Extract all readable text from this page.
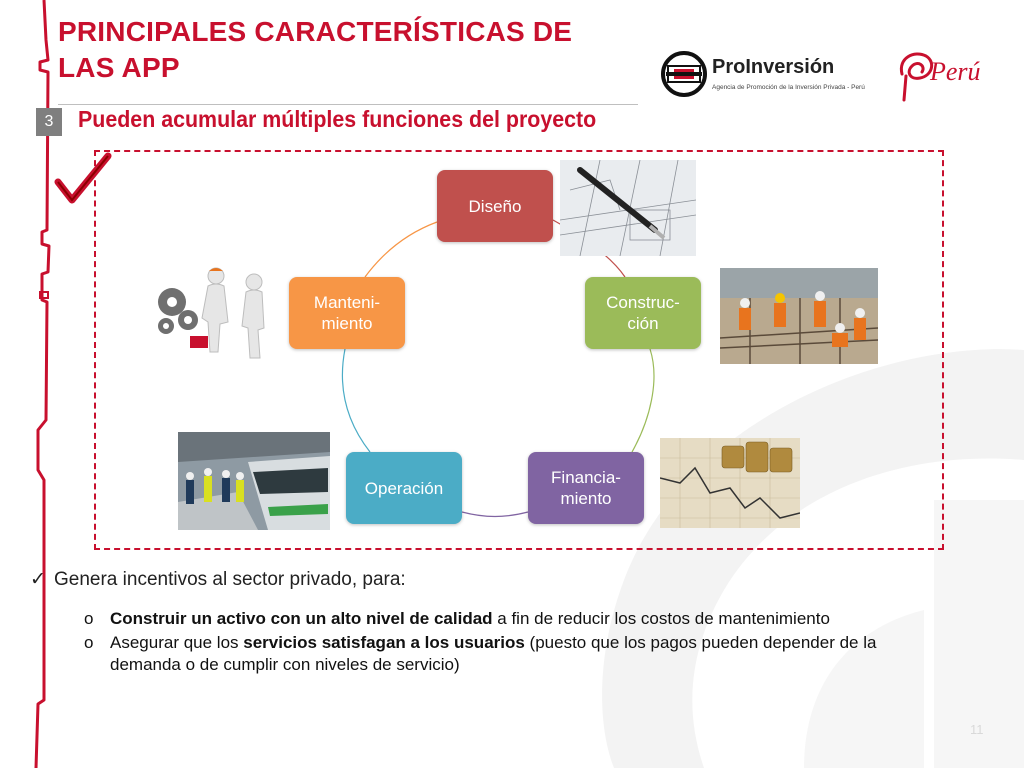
PRINCIPALES CARACTERÍSTICAS DE
LAS APP
3	Pueden acumular múltiples funciones del proyecto
ProInversión
Agencia de Promoción de la Inversión Privada - Perú
Perú
Diseño
Construc-
ción
Financia-
miento
Operación
Manteni-
miento
✓ Genera incentivos al sector privado, para:
o Construir un activo con un alto nivel de calidad a fin de reducir los costos de mantenimiento
o Asegurar que los servicios satisfagan a los usuarios (puesto que los pagos pueden depender de la demanda o de cumplir con niveles de servicio)
11
